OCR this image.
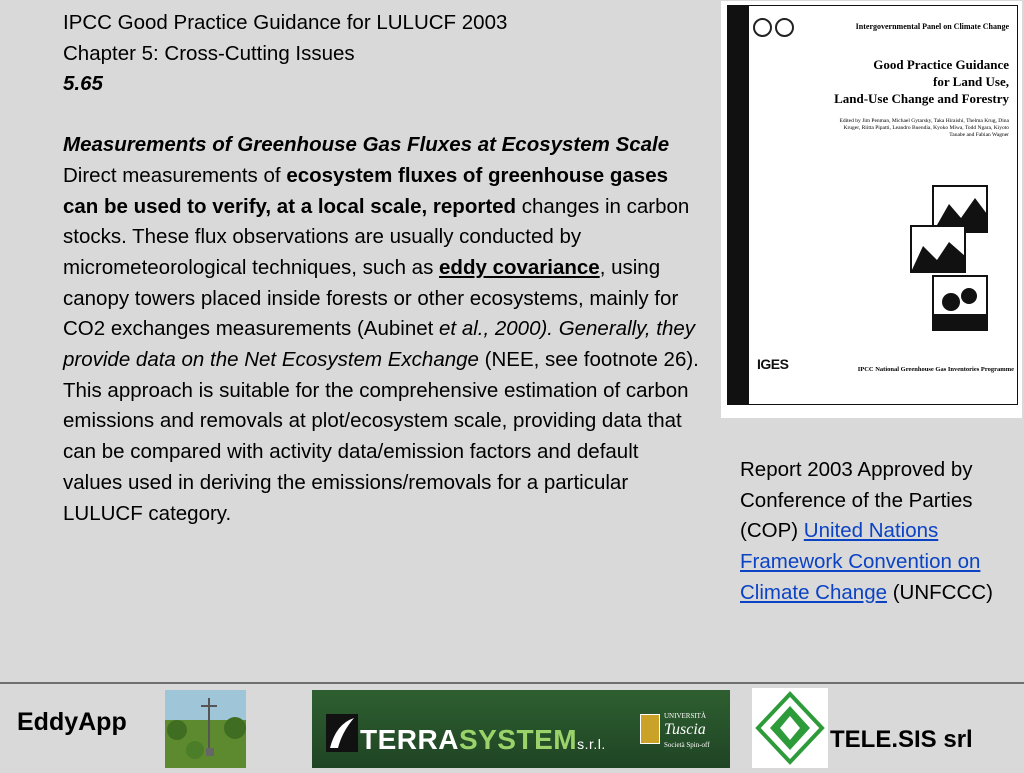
IPCC Good Practice Guidance for LULUCF 2003

Chapter 5: Cross-Cutting Issues

5.65

Measurements of Greenhouse Gas Fluxes at Ecosystem Scale

Direct measurements of ecosystem fluxes of greenhouse gases can be used to verify, at a local scale, reported changes in carbon stocks. These flux observations are usually conducted by micrometeorological techniques, such as eddy covariance, using canopy towers placed inside forests or other ecosystems, mainly for CO2 exchanges measurements (Aubinet et al., 2000). Generally, they provide data on the Net Ecosystem Exchange (NEE, see footnote 26). This approach is suitable for the comprehensive estimation of carbon emissions and removals at plot/ecosystem scale, providing data that can be compared with activity data/emission factors and default values used in deriving the emissions/removals for a particular LULUCF category.

Intergovernmental Panel on Climate Change
Good Practice Guidance
for Land Use,
Land-Use Change and Forestry
Edited by Jim Penman, Michael Gytarsky, Taka Hiraishi, Thelma Krug, Dina Kruger, Riitta Pipatti, Leandro Buendia, Kyoko Miwa, Todd Ngara, Kiyoto Tanabe and Fabian Wagner
IGES	IPCC National Greenhouse Gas Inventories Programme
Report 2003 Approved by Conference of the Parties (COP) United Nations Framework Convention on Climate Change (UNFCCC)
EddyApp
TERRASYSTEMs.r.l.
UNIVERSITÀ
Tuscia
Società Spin-off	TELE.SIS srl
